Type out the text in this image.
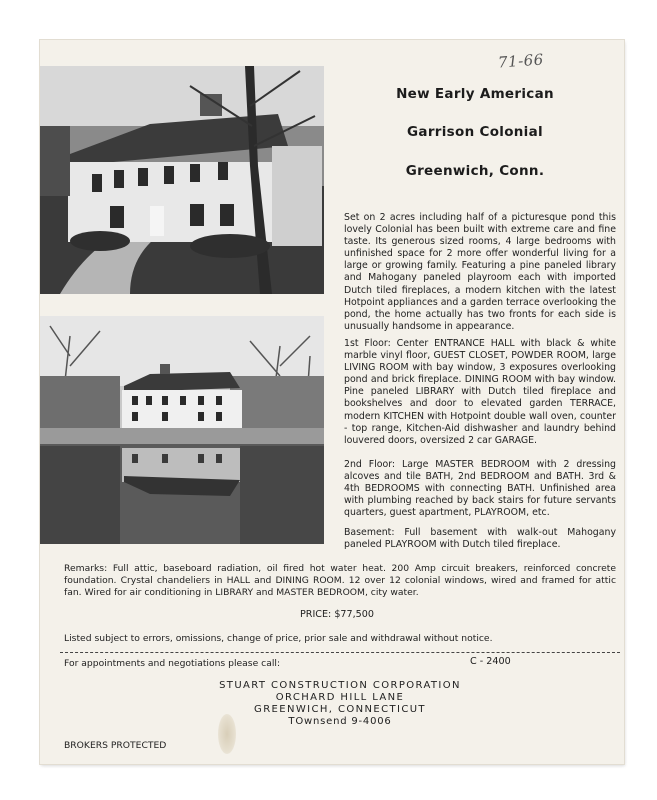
71-66
New Early American
Garrison Colonial
Greenwich, Conn.
Set on 2 acres including half of a picturesque pond this lovely Colonial has been built with extreme care and fine taste. Its generous sized rooms, 4 large bedrooms with unfinished space for 2 more offer wonderful living for a large or growing family. Featuring a pine paneled library and Mahogany paneled playroom each with imported Dutch tiled fireplaces, a modern kitchen with the latest Hotpoint appliances and a garden terrace overlooking the pond, the home actually has two fronts for each side is unusually handsome in appearance.
1st Floor: Center ENTRANCE HALL with black & white marble vinyl floor, GUEST CLOSET, POWDER ROOM, large LIVING ROOM with bay window, 3 exposures overlooking pond and brick fireplace. DINING ROOM with bay window. Pine paneled LIBRARY with Dutch tiled fireplace and bookshelves and door to elevated garden TERRACE, modern KITCHEN with Hotpoint double wall oven, counter - top range, Kitchen-Aid dishwasher and laundry behind louvered doors, oversized 2 car GARAGE.
2nd Floor: Large MASTER BEDROOM with 2 dressing alcoves and tile BATH, 2nd BEDROOM and BATH. 3rd & 4th BEDROOMS with connecting BATH. Unfinished area with plumbing reached by back stairs for future servants quarters, guest apartment, PLAYROOM, etc.
Basement: Full basement with walk-out Mahogany paneled PLAYROOM with Dutch tiled fireplace.
Remarks: Full attic, baseboard radiation, oil fired hot water heat. 200 Amp circuit breakers, reinforced concrete foundation. Crystal chandeliers in HALL and DINING ROOM. 12 over 12 colonial windows, wired and framed for attic fan. Wired for air conditioning in LIBRARY and MASTER BEDROOM, city water.
PRICE: $77,500
Listed subject to errors, omissions, change of price, prior sale and withdrawal without notice.
For appointments and negotiations please call:	C - 2400
STUART CONSTRUCTION CORPORATION
ORCHARD HILL LANE
GREENWICH, CONNECTICUT
TOwnsend 9-4006
BROKERS PROTECTED
